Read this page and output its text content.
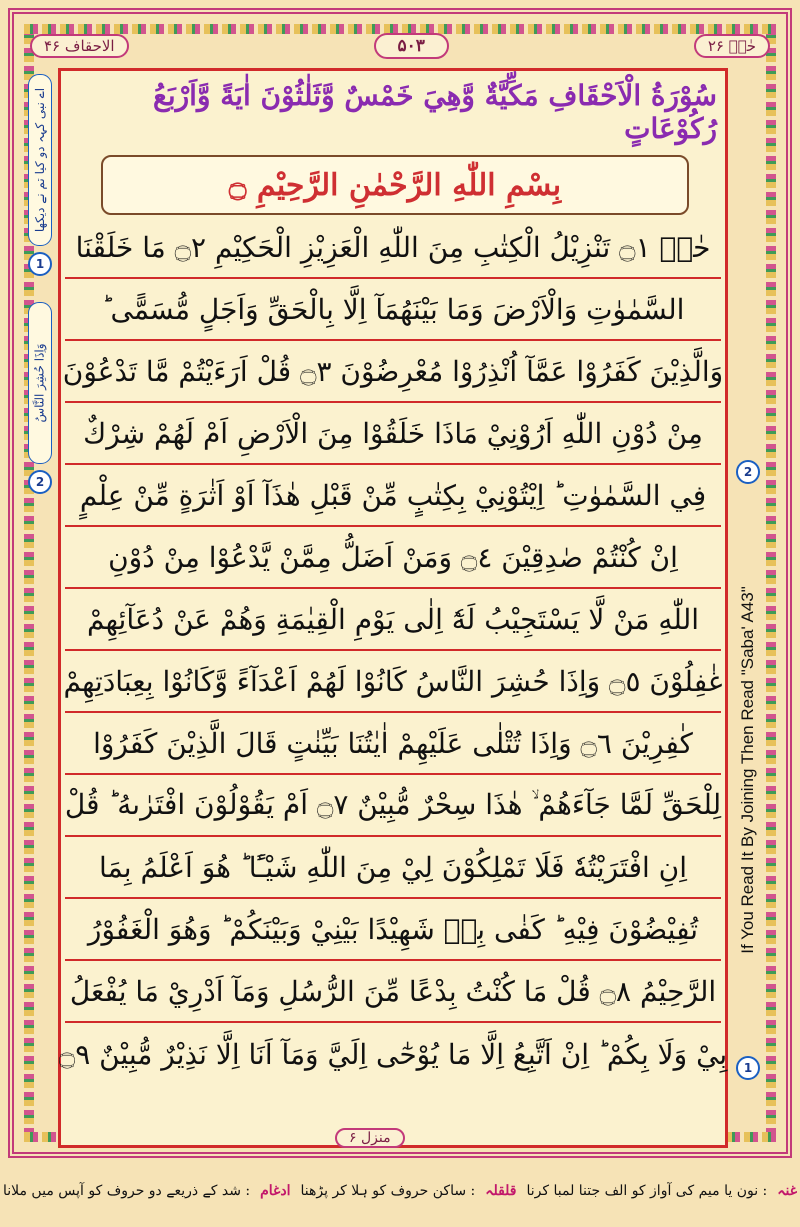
الاحقاف ۴۶	۵۰۳	حٰمۤ ۲۶
اے نبی کہہ دو کیا تم نے دیکھا
1
وَاِذَا حُشِرَ النَّاسُ
2
2
If You Read It By Joining Then Read "Saba' A43"
1
سُوْرَةُ الْاَحْقَافِ مَكِّيَّةٌ وَّهِيَ خَمْسٌ وَّثَلٰثُوْنَ اٰيَةً وَّاَرْبَعُ رُكُوْعَاتٍ
بِسْمِ اللّٰهِ الرَّحْمٰنِ الرَّحِيْمِ ۝
حٰمۤ ۝١ تَنْزِيْلُ الْكِتٰبِ مِنَ اللّٰهِ الْعَزِيْزِ الْحَكِيْمِ ۝٢ مَا خَلَقْنَا
السَّمٰوٰتِ وَالْاَرْضَ وَمَا بَيْنَهُمَآ اِلَّا بِالْحَقِّ وَاَجَلٍ مُّسَمًّى ؕ
وَالَّذِيْنَ كَفَرُوْا عَمَّآ اُنْذِرُوْا مُعْرِضُوْنَ ۝٣ قُلْ اَرَءَيْتُمْ مَّا تَدْعُوْنَ
مِنْ دُوْنِ اللّٰهِ اَرُوْنِيْ مَاذَا خَلَقُوْا مِنَ الْاَرْضِ اَمْ لَهُمْ شِرْكٌ
فِي السَّمٰوٰتِ ؕ اِيْتُوْنِيْ بِكِتٰبٍ مِّنْ قَبْلِ هٰذَآ اَوْ اَثٰرَةٍ مِّنْ عِلْمٍ
اِنْ كُنْتُمْ صٰدِقِيْنَ ۝٤ وَمَنْ اَضَلُّ مِمَّنْ يَّدْعُوْا مِنْ دُوْنِ
اللّٰهِ مَنْ لَّا يَسْتَجِيْبُ لَهٗٓ اِلٰى يَوْمِ الْقِيٰمَةِ وَهُمْ عَنْ دُعَآئِهِمْ
غٰفِلُوْنَ ۝٥ وَاِذَا حُشِرَ النَّاسُ كَانُوْا لَهُمْ اَعْدَآءً وَّكَانُوْا بِعِبَادَتِهِمْ
كٰفِرِيْنَ ۝٦ وَاِذَا تُتْلٰى عَلَيْهِمْ اٰيٰتُنَا بَيِّنٰتٍ قَالَ الَّذِيْنَ كَفَرُوْا
لِلْحَقِّ لَمَّا جَآءَهُمْ ۙ هٰذَا سِحْرٌ مُّبِيْنٌ ۝٧ اَمْ يَقُوْلُوْنَ افْتَرٰىهُ ؕ قُلْ
اِنِ افْتَرَيْتُهٗ فَلَا تَمْلِكُوْنَ لِيْ مِنَ اللّٰهِ شَيْـًٔا ؕ هُوَ اَعْلَمُ بِمَا
تُفِيْضُوْنَ فِيْهِ ؕ كَفٰى بِهٖ شَهِيْدًا بَيْنِيْ وَبَيْنَكُمْ ؕ وَهُوَ الْغَفُوْرُ
الرَّحِيْمُ ۝٨ قُلْ مَا كُنْتُ بِدْعًا مِّنَ الرُّسُلِ وَمَآ اَدْرِيْ مَا يُفْعَلُ
بِيْ وَلَا بِكُمْ ؕ اِنْ اَتَّبِعُ اِلَّا مَا يُوْحٰٓى اِلَيَّ وَمَآ اَنَا اِلَّا نَذِيْرٌ مُّبِيْنٌ ۝٩
منزل ۶
غنہ
: نون یا میم کی آواز کو الف جتنا لمبا کرنا
قلقلہ
: ساکن حروف کو ہلا کر پڑھنا
ادغام
: شد کے ذریعے دو حروف کو آپس میں ملانا
